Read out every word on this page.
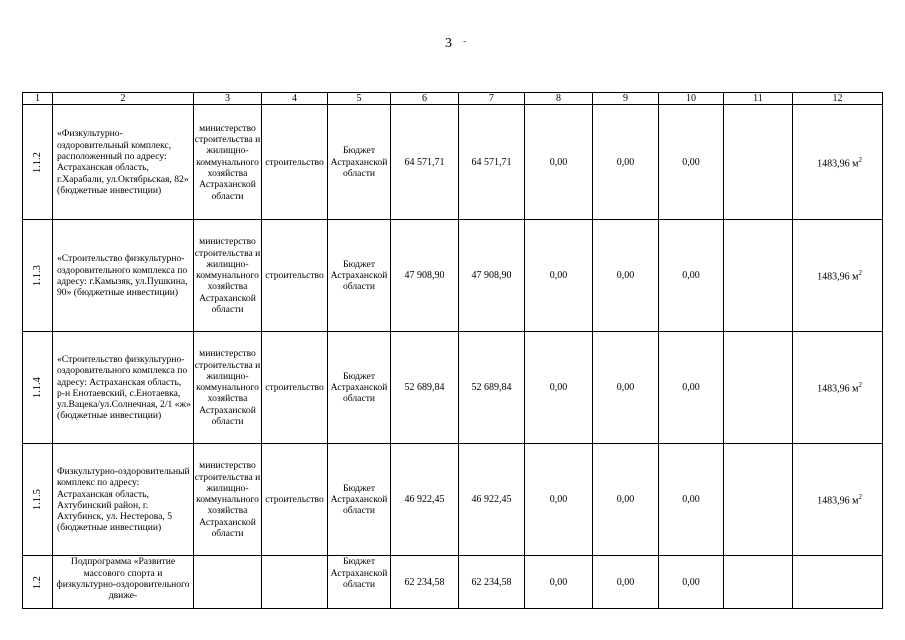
3 -
1	2	3	4	5	6	7	8	9	10	11	12

1.1.2	«Физкультурно-оздоровительный комплекс, расположенный по адресу: Астраханская область, г.Харабали, ул.Октябрьская, 82» (бюджетные инвестиции)	министерство строительства и жилищно-коммунального хозяйства Астраханской области	строительство	Бюджет Астраханской области	64 571,71	64 571,71	0,00	0,00	0,00		1483,96 $м^2$

1.1.3	«Строительство физкультурно-оздоровительного комплекса по адресу: г.Камызяк, ул.Пушкина, 90» (бюджетные инвестиции)	министерство строительства и жилищно-коммунального хозяйства Астраханской области	строительство	Бюджет Астраханской области	47 908,90	47 908,90	0,00	0,00	0,00		1483,96 $м^2$

1.1.4	«Строительство физкультурно-оздоровительного комплекса по адресу: Астраханская область, р-н Енотаевский, с.Енотаевка, ул.Вацека/ул.Солнечная, 2/1 «ж» (бюджетные инвестиции)	министерство строительства и жилищно-коммунального хозяйства Астраханской области	строительство	Бюджет Астраханской области	52 689,84	52 689,84	0,00	0,00	0,00		1483,96 $м^2$

1.1.5	Физкультурно-оздоровительный комплекс по адресу: Астраханская область, Ахтубинский район, г. Ахтубинск, ул. Нестерова, 5 (бюджетные инвестиции)	министерство строительства и жилищно-коммунального хозяйства Астраханской области	строительство	Бюджет Астраханской области	46 922,45	46 922,45	0,00	0,00	0,00		1483,96 $м^2$

1.2	Подпрограмма «Развитие массового спорта и физкультурно-оздоровительного движе-			Бюджет Астраханской области	62 234,58	62 234,58	0,00	0,00	0,00		
